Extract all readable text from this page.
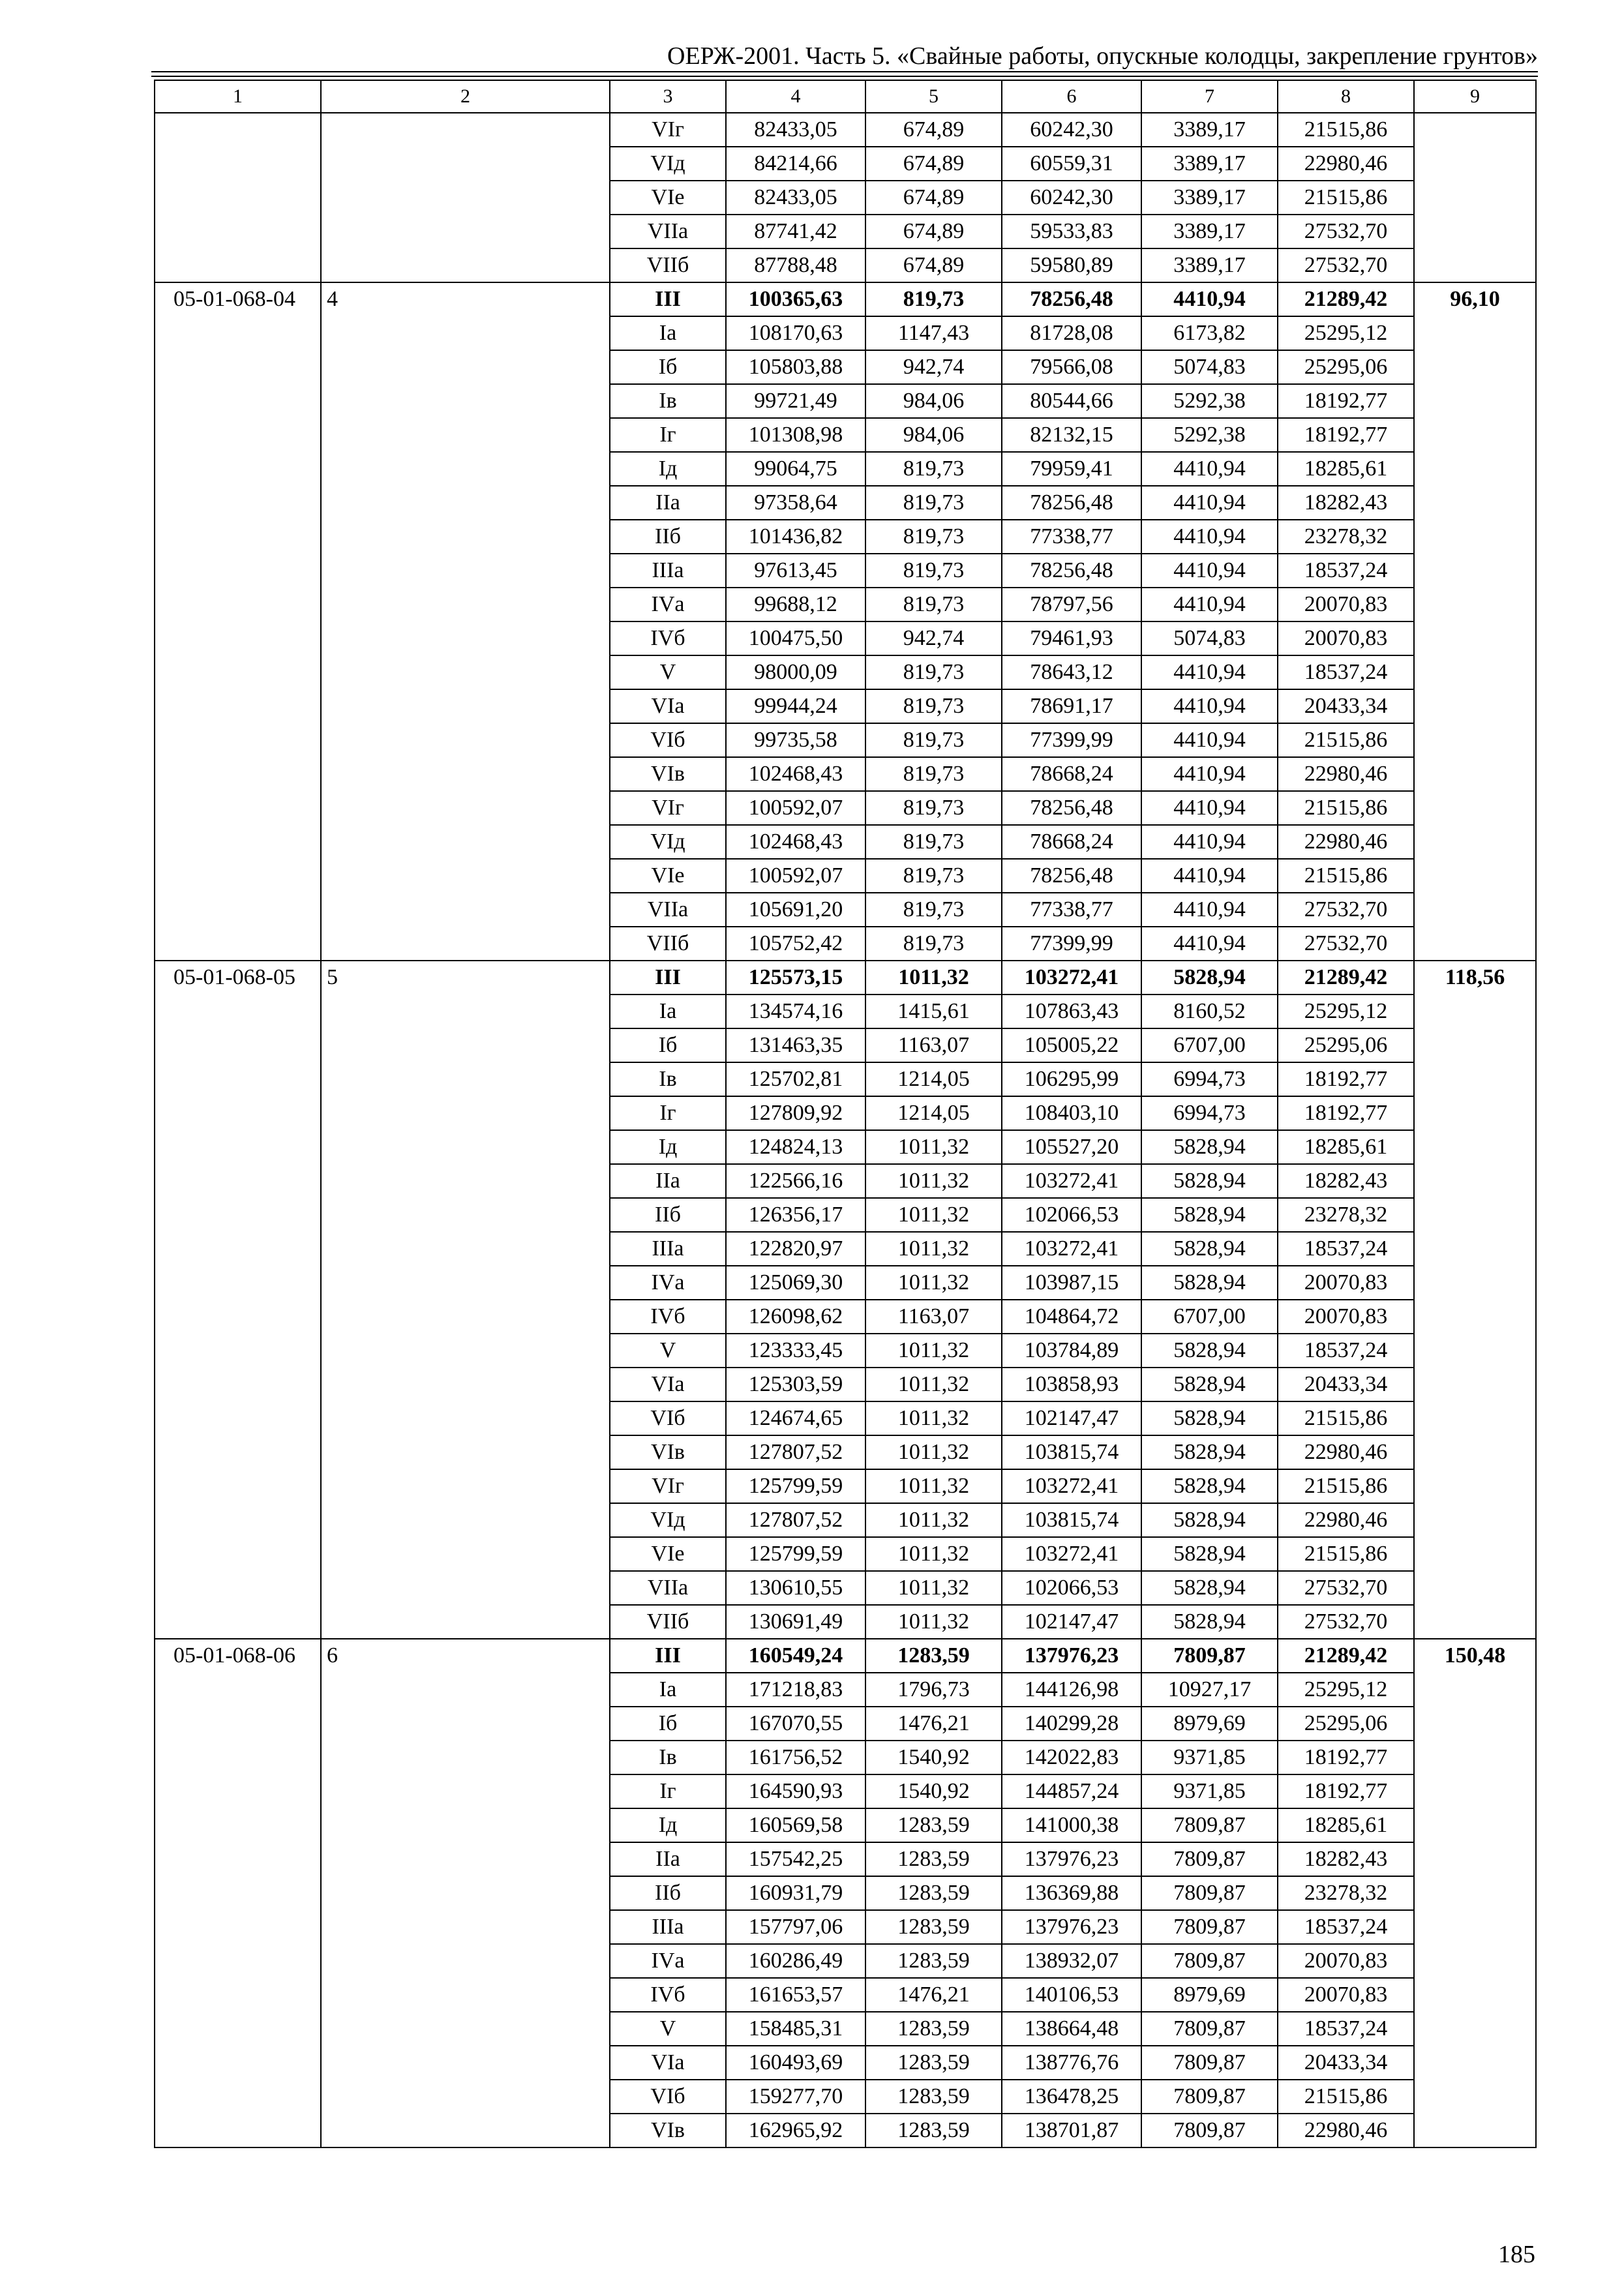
ОЕРЖ-2001. Часть 5. «Свайные работы, опускные колодцы, закрепление грунтов»
1	2	3	4	5	6	7	8	9
		VIг	82433,05	674,89	60242,30	3389,17	21515,86	
		VIд	84214,66	674,89	60559,31	3389,17	22980,46	
		VIе	82433,05	674,89	60242,30	3389,17	21515,86	
		VIIа	87741,42	674,89	59533,83	3389,17	27532,70	
		VIIб	87788,48	674,89	59580,89	3389,17	27532,70	
05-01-068-04	4	III	100365,63	819,73	78256,48	4410,94	21289,42	96,10
		Iа	108170,63	1147,43	81728,08	6173,82	25295,12	
		Iб	105803,88	942,74	79566,08	5074,83	25295,06	
		Iв	99721,49	984,06	80544,66	5292,38	18192,77	
		Iг	101308,98	984,06	82132,15	5292,38	18192,77	
		Iд	99064,75	819,73	79959,41	4410,94	18285,61	
		IIа	97358,64	819,73	78256,48	4410,94	18282,43	
		IIб	101436,82	819,73	77338,77	4410,94	23278,32	
		IIIа	97613,45	819,73	78256,48	4410,94	18537,24	
		IVа	99688,12	819,73	78797,56	4410,94	20070,83	
		IVб	100475,50	942,74	79461,93	5074,83	20070,83	
		V	98000,09	819,73	78643,12	4410,94	18537,24	
		VIа	99944,24	819,73	78691,17	4410,94	20433,34	
		VIб	99735,58	819,73	77399,99	4410,94	21515,86	
		VIв	102468,43	819,73	78668,24	4410,94	22980,46	
		VIг	100592,07	819,73	78256,48	4410,94	21515,86	
		VIд	102468,43	819,73	78668,24	4410,94	22980,46	
		VIе	100592,07	819,73	78256,48	4410,94	21515,86	
		VIIа	105691,20	819,73	77338,77	4410,94	27532,70	
		VIIб	105752,42	819,73	77399,99	4410,94	27532,70	
05-01-068-05	5	III	125573,15	1011,32	103272,41	5828,94	21289,42	118,56
		Iа	134574,16	1415,61	107863,43	8160,52	25295,12	
		Iб	131463,35	1163,07	105005,22	6707,00	25295,06	
		Iв	125702,81	1214,05	106295,99	6994,73	18192,77	
		Iг	127809,92	1214,05	108403,10	6994,73	18192,77	
		Iд	124824,13	1011,32	105527,20	5828,94	18285,61	
		IIа	122566,16	1011,32	103272,41	5828,94	18282,43	
		IIб	126356,17	1011,32	102066,53	5828,94	23278,32	
		IIIа	122820,97	1011,32	103272,41	5828,94	18537,24	
		IVа	125069,30	1011,32	103987,15	5828,94	20070,83	
		IVб	126098,62	1163,07	104864,72	6707,00	20070,83	
		V	123333,45	1011,32	103784,89	5828,94	18537,24	
		VIа	125303,59	1011,32	103858,93	5828,94	20433,34	
		VIб	124674,65	1011,32	102147,47	5828,94	21515,86	
		VIв	127807,52	1011,32	103815,74	5828,94	22980,46	
		VIг	125799,59	1011,32	103272,41	5828,94	21515,86	
		VIд	127807,52	1011,32	103815,74	5828,94	22980,46	
		VIе	125799,59	1011,32	103272,41	5828,94	21515,86	
		VIIа	130610,55	1011,32	102066,53	5828,94	27532,70	
		VIIб	130691,49	1011,32	102147,47	5828,94	27532,70	
05-01-068-06	6	III	160549,24	1283,59	137976,23	7809,87	21289,42	150,48
		Iа	171218,83	1796,73	144126,98	10927,17	25295,12	
		Iб	167070,55	1476,21	140299,28	8979,69	25295,06	
		Iв	161756,52	1540,92	142022,83	9371,85	18192,77	
		Iг	164590,93	1540,92	144857,24	9371,85	18192,77	
		Iд	160569,58	1283,59	141000,38	7809,87	18285,61	
		IIа	157542,25	1283,59	137976,23	7809,87	18282,43	
		IIб	160931,79	1283,59	136369,88	7809,87	23278,32	
		IIIа	157797,06	1283,59	137976,23	7809,87	18537,24	
		IVа	160286,49	1283,59	138932,07	7809,87	20070,83	
		IVб	161653,57	1476,21	140106,53	8979,69	20070,83	
		V	158485,31	1283,59	138664,48	7809,87	18537,24	
		VIа	160493,69	1283,59	138776,76	7809,87	20433,34	
		VIб	159277,70	1283,59	136478,25	7809,87	21515,86	
		VIв	162965,92	1283,59	138701,87	7809,87	22980,46	
185
